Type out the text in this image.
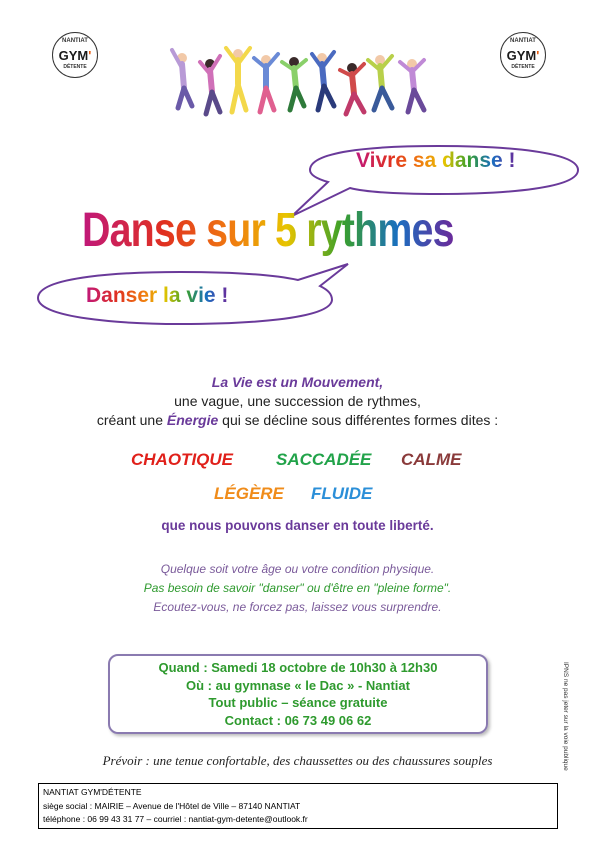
NANTIAT
GYM'
DÉTENTE
NANTIAT
GYM'
DÉTENTE
Vivre sa danse !
Danse sur 5 rythmes
Danser la vie !
La Vie est un Mouvement,
une vague, une succession de rythmes,
créant une Énergie qui se décline sous différentes formes dites :
CHAOTIQUE	SACCADÉE CALME
LÉGÈRE FLUIDE
que nous pouvons danser en toute liberté.
Quelque soit votre âge ou votre condition physique.
Pas besoin de savoir "danser" ou d'être en "pleine forme".
Ecoutez-vous, ne forcez pas, laissez vous surprendre.
Quand : Samedi 18 octobre de 10h30 à 12h30
Où : au gymnase « le Dac » - Nantiat
Tout public – séance gratuite
Contact : 06 73 49 06 62
Prévoir : une tenue confortable, des chaussettes ou des chaussures souples
NANTIAT GYM'DÉTENTE
siège social : MAIRIE – Avenue de l'Hôtel de Ville – 87140 NANTIAT
téléphone : 06 99 43 31 77 – courriel : nantiat-gym-detente@outlook.fr
IPNS ne pas jeter sur la voie publique
